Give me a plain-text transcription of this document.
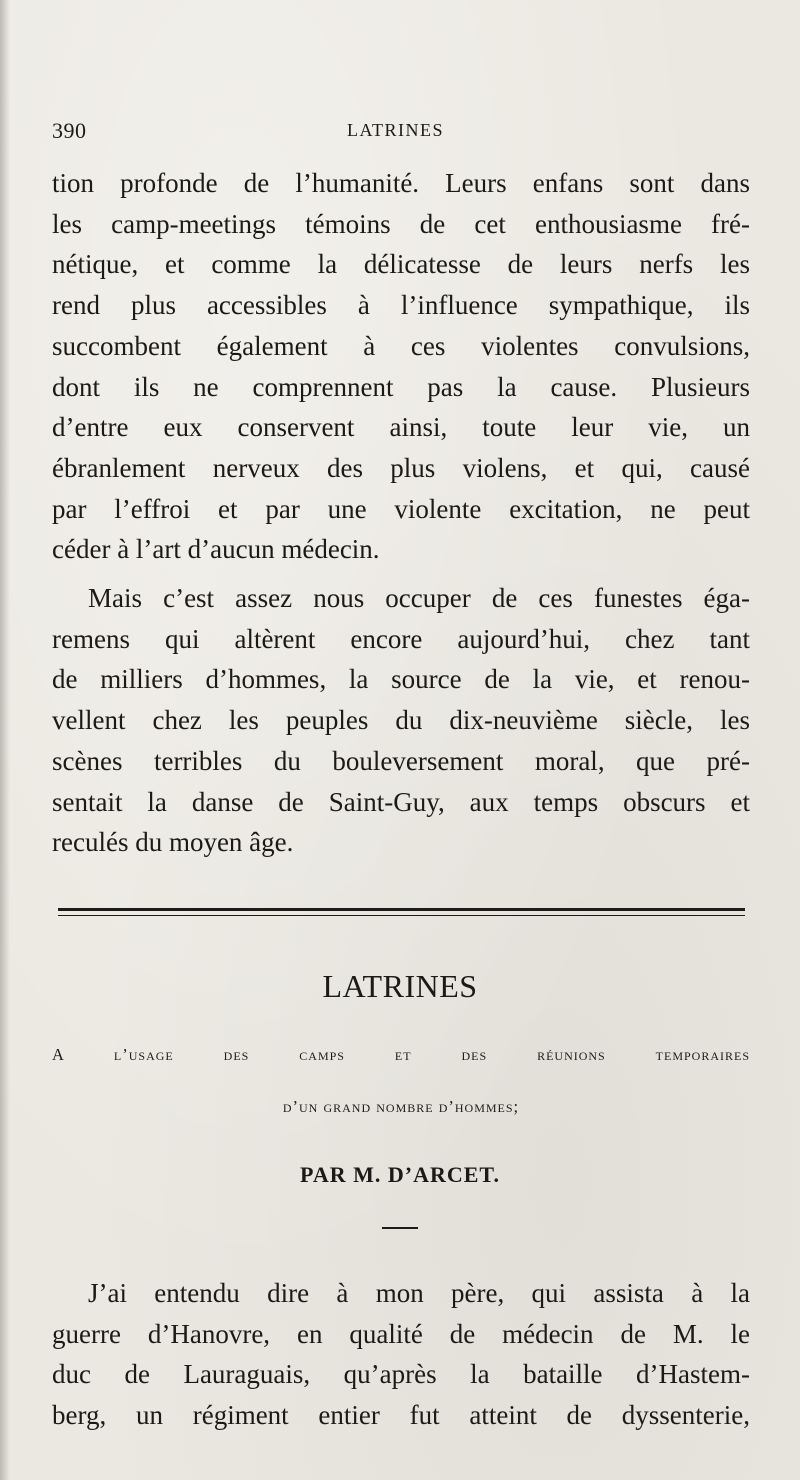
390	LATRINES
tion profonde de l’humanité. Leurs enfans sont dans
les camp-meetings témoins de cet enthousiasme fré-
nétique, et comme la délicatesse de leurs nerfs les
rend plus accessibles à l’influence sympathique, ils
succombent également à ces violentes convulsions,
dont ils ne comprennent pas la cause. Plusieurs
d’entre eux conservent ainsi, toute leur vie, un
ébranlement nerveux des plus violens, et qui, causé
par l’effroi et par une violente excitation, ne peut
céder à l’art d’aucun médecin.
Mais c’est assez nous occuper de ces funestes éga-
remens qui altèrent encore aujourd’hui, chez tant
de milliers d’hommes, la source de la vie, et renou-
vellent chez les peuples du dix-neuvième siècle, les
scènes terribles du bouleversement moral, que pré-
sentait la danse de Saint-Guy, aux temps obscurs et
reculés du moyen âge.
LATRINES
A l’usage des camps et des réunions temporaires
d’un grand nombre d’hommes;
PAR M. D’ARCET.
J’ai entendu dire à mon père, qui assista à la
guerre d’Hanovre, en qualité de médecin de M. le
duc de Lauraguais, qu’après la bataille d’Hastem-
berg, un régiment entier fut atteint de dyssenterie,
